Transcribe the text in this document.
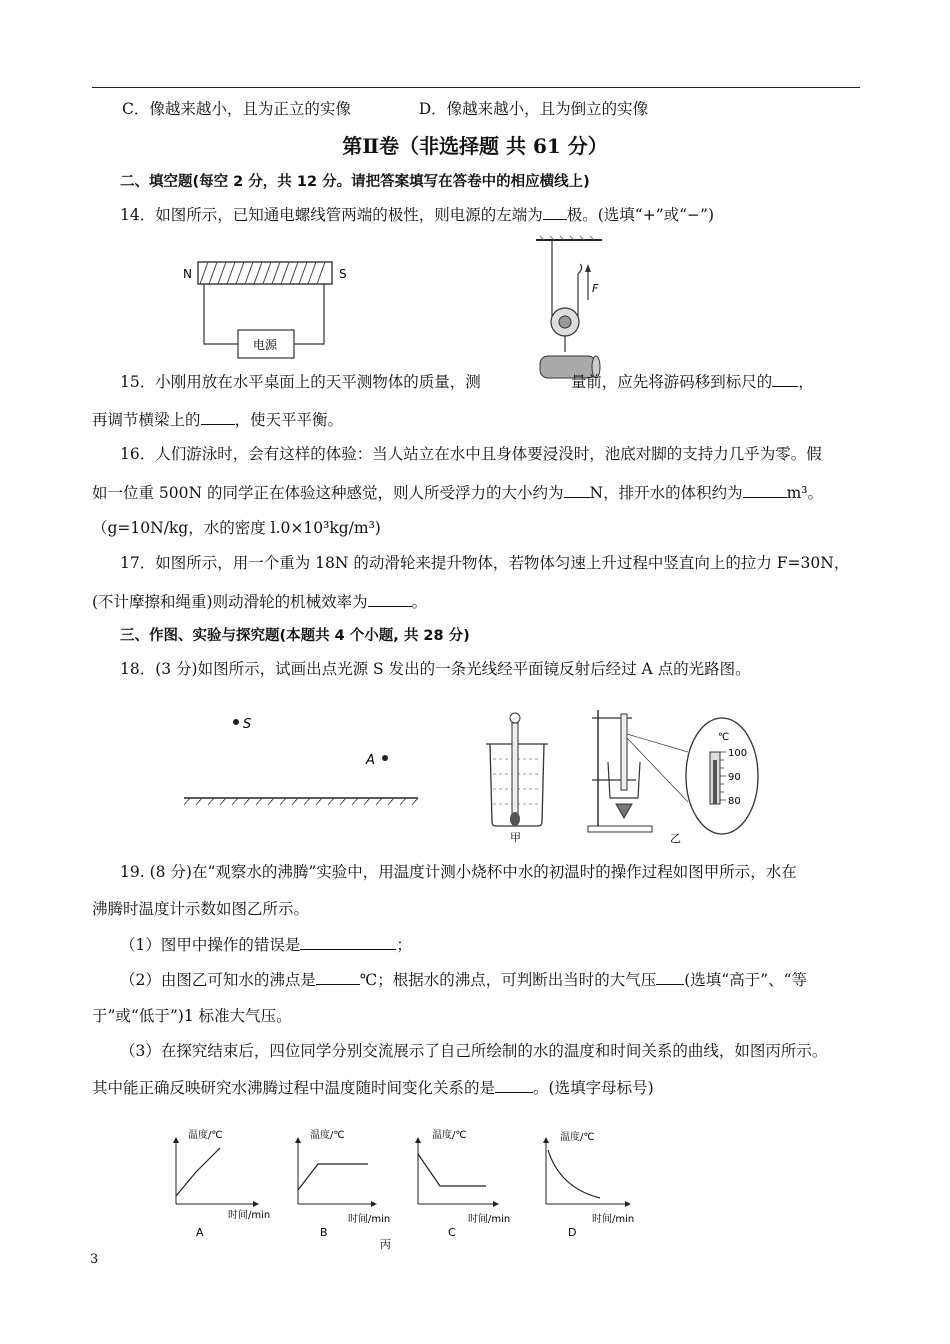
C．像越来越小，且为正立的实像	D．像越来越小，且为倒立的实像
第Ⅱ卷（非选择题 共 61 分）
二、填空题(每空 2 分，共 12 分。请把答案填写在答卷中的相应横线上)
14．如图所示，已知通电螺线管两端的极性，则电源的左端为 极。(选填“+”或“−”)
N	S
电源
F
15．小刚用放在水平桌面上的天平测物体的质量，测	量前，应先将游码移到标尺的 ，
再调节横梁上的 ，使天平平衡。
16．人们游泳时，会有这样的体验：当人站立在水中且身体要浸没时，池底对脚的支持力几乎为零。假
如一位重 500N 的同学正在体验这种感觉，则人所受浮力的大小约为 N，排开水的体积约为	m³。
（g=10N/kg，水的密度 l.0×10³kg/m³)
17．如图所示，用一个重为 18N 的动滑轮来提升物体，若物体匀速上升过程中竖直向上的拉力 F=30N，
(不计摩擦和绳重)则动滑轮的机械效率为	。
三、作图、实验与探究题(本题共 4 个小题, 共 28 分)
18．(3 分)如图所示，试画出点光源 S 发出的一条光线经平面镜反射后经过 A 点的光路图。
S
A
甲
℃
100
90
80
乙
19. (8 分)在“观察水的沸腾”实验中，用温度计测小烧杯中水的初温时的操作过程如图甲所示，水在
沸腾时温度计示数如图乙所示。
（1）图甲中操作的错误是	；
（2）由图乙可知水的沸点是	℃；根据水的沸点，可判断出当时的大气压 (选填“高于”、“等
于”或“低于”)1 标准大气压。
（3）在探究结束后，四位同学分别交流展示了自己所绘制的水的温度和时间关系的曲线，如图丙所示。
其中能正确反映研究水沸腾过程中温度随时间变化关系的是 。(选填字母标号)
温度/℃
时间/min
A
温度/℃
时间/min
B
温度/℃
时间/min
C
温度/℃
时间/min
D
丙
3
